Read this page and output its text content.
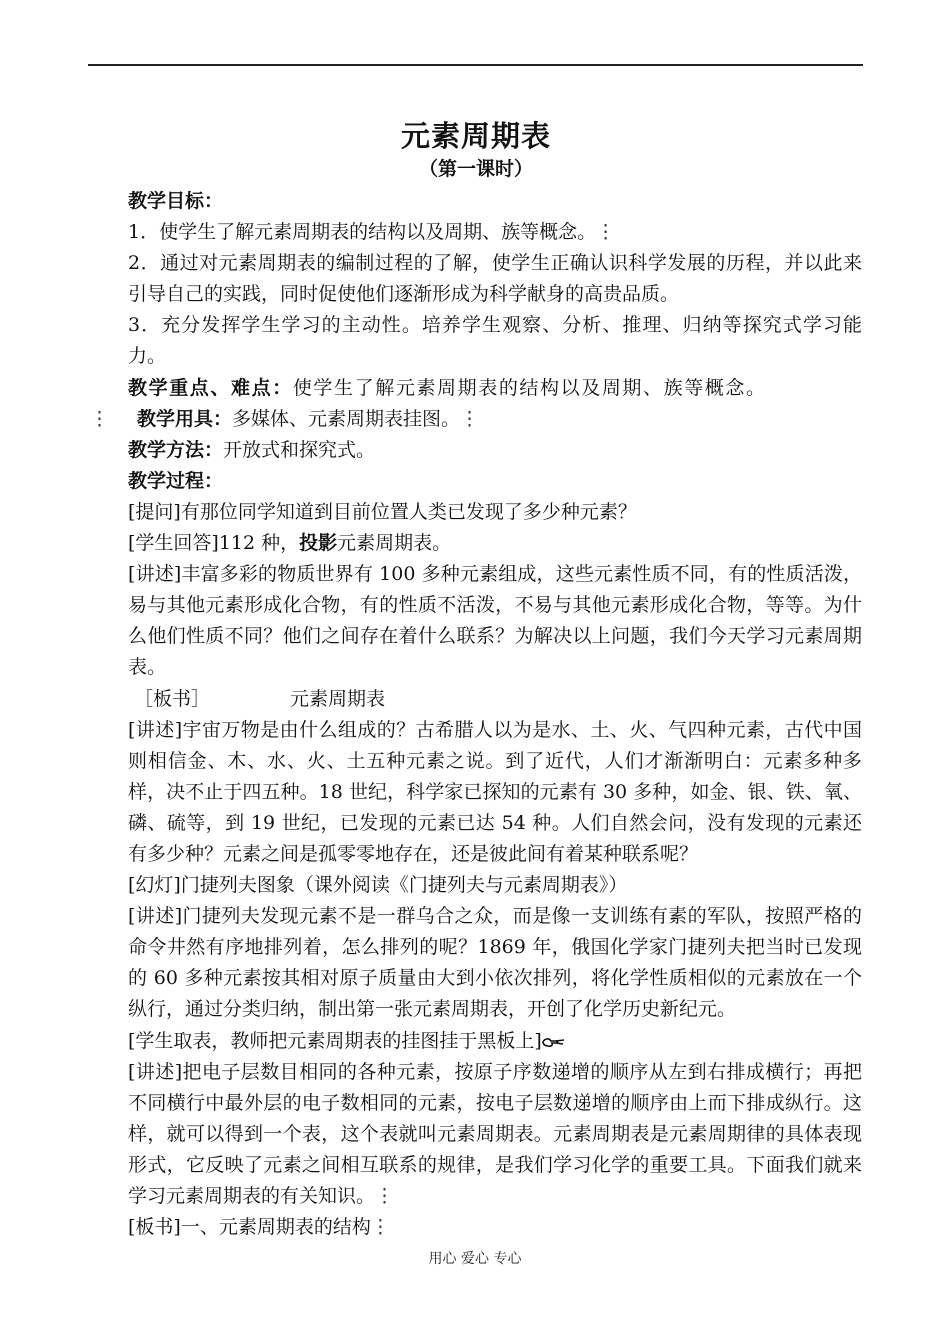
元素周期表
（第一课时）
教学目标：
1．使学生了解元素周期表的结构以及周期、族等概念。⋮
2．通过对元素周期表的编制过程的了解，使学生正确认识科学发展的历程，并以此来引导自己的实践，同时促使他们逐渐形成为科学献身的高贵品质。
3．充分发挥学生学习的主动性。培养学生观察、分析、推理、归纳等探究式学习能力。
教学重点、难点：使学生了解元素周期表的结构以及周期、族等概念。
⋮ 教学用具：多媒体、元素周期表挂图。⋮
教学方法：开放式和探究式。
教学过程：
[提问]有那位同学知道到目前位置人类已发现了多少种元素？
[学生回答]112 种，投影元素周期表。
[讲述]丰富多彩的物质世界有 100 多种元素组成，这些元素性质不同，有的性质活泼，易与其他元素形成化合物，有的性质不活泼，不易与其他元素形成化合物，等等。为什么他们性质不同？他们之间存在着什么联系？为解决以上问题，我们今天学习元素周期表。
［板书］	元素周期表
[讲述]宇宙万物是由什么组成的？古希腊人以为是水、土、火、气四种元素，古代中国则相信金、木、水、火、土五种元素之说。到了近代，人们才渐渐明白：元素多种多样，决不止于四五种。18 世纪，科学家已探知的元素有 30 多种，如金、银、铁、氧、磷、硫等，到 19 世纪，已发现的元素已达 54 种。人们自然会问，没有发现的元素还有多少种？元素之间是孤零零地存在，还是彼此间有着某种联系呢？
[幻灯]门捷列夫图象（课外阅读《门捷列夫与元素周期表》）
[讲述]门捷列夫发现元素不是一群乌合之众，而是像一支训练有素的军队，按照严格的命令井然有序地排列着，怎么排列的呢？1869 年，俄国化学家门捷列夫把当时已发现的 60 多种元素按其相对原子质量由大到小依次排列，将化学性质相似的元素放在一个纵行，通过分类归纳，制出第一张元素周期表，开创了化学历史新纪元。
[学生取表，教师把元素周期表的挂图挂于黑板上]
[讲述]把电子层数目相同的各种元素，按原子序数递增的顺序从左到右排成横行；再把不同横行中最外层的电子数相同的元素，按电子层数递增的顺序由上而下排成纵行。这样，就可以得到一个表，这个表就叫元素周期表。元素周期表是元素周期律的具体表现形式，它反映了元素之间相互联系的规律，是我们学习化学的重要工具。下面我们就来学习元素周期表的有关知识。⋮
[板书]一、元素周期表的结构⋮
用心 爱心 专心
